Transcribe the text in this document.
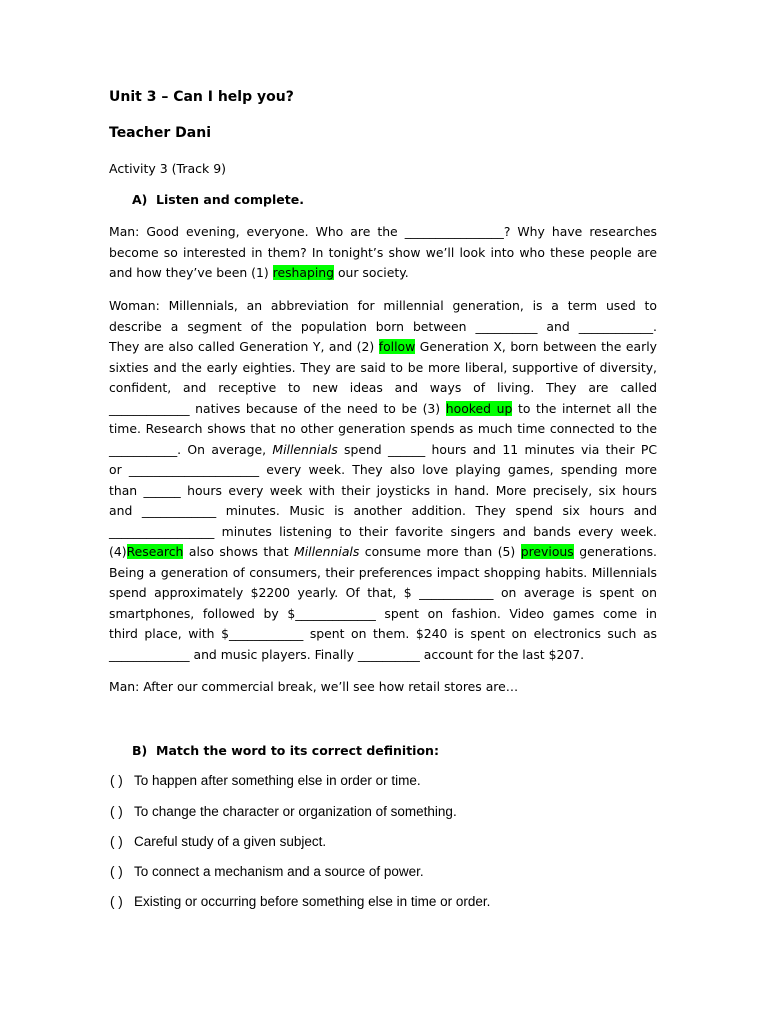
Unit 3 – Can I help you?

Teacher Dani

Activity 3 (Track 9)

A) Listen and complete.

Man: Good evening, everyone. Who are the ________________? Why have researches
become so interested in them? In tonight’s show we’ll look into who these people are
and how they’ve been (1) reshaping our society.
Woman: Millennials, an abbreviation for millennial generation, is a term used to
describe a segment of the population born between __________ and ____________.
They are also called Generation Y, and (2) follow Generation X, born between the early
sixties and the early eighties. They are said to be more liberal, supportive of diversity,
confident, and receptive to new ideas and ways of living. They are called
_____________ natives because of the need to be (3) hooked up to the internet all the
time. Research shows that no other generation spends as much time connected to the
___________. On average, Millennials spend ______ hours and 11 minutes via their PC
or _____________________ every week. They also love playing games, spending more
than ______ hours every week with their joysticks in hand. More precisely, six hours
and ____________ minutes. Music is another addition. They spend six hours and
_________________ minutes listening to their favorite singers and bands every week.
(4)Research also shows that Millennials consume more than (5) previous generations.
Being a generation of consumers, their preferences impact shopping habits. Millennials
spend approximately $2200 yearly. Of that, $ ____________ on average is spent on
smartphones, followed by $_____________ spent on fashion. Video games come in
third place, with $____________ spent on them. $240 is spent on electronics such as
_____________ and music players. Finally __________ account for the last $207.
Man: After our commercial break, we’ll see how retail stores are…

B) Match the word to its correct definition:

( ) To happen after something else in order or time.

( ) To change the character or organization of something.

( ) Careful study of a given subject.

( ) To connect a mechanism and a source of power.

( ) Existing or occurring before something else in time or order.
